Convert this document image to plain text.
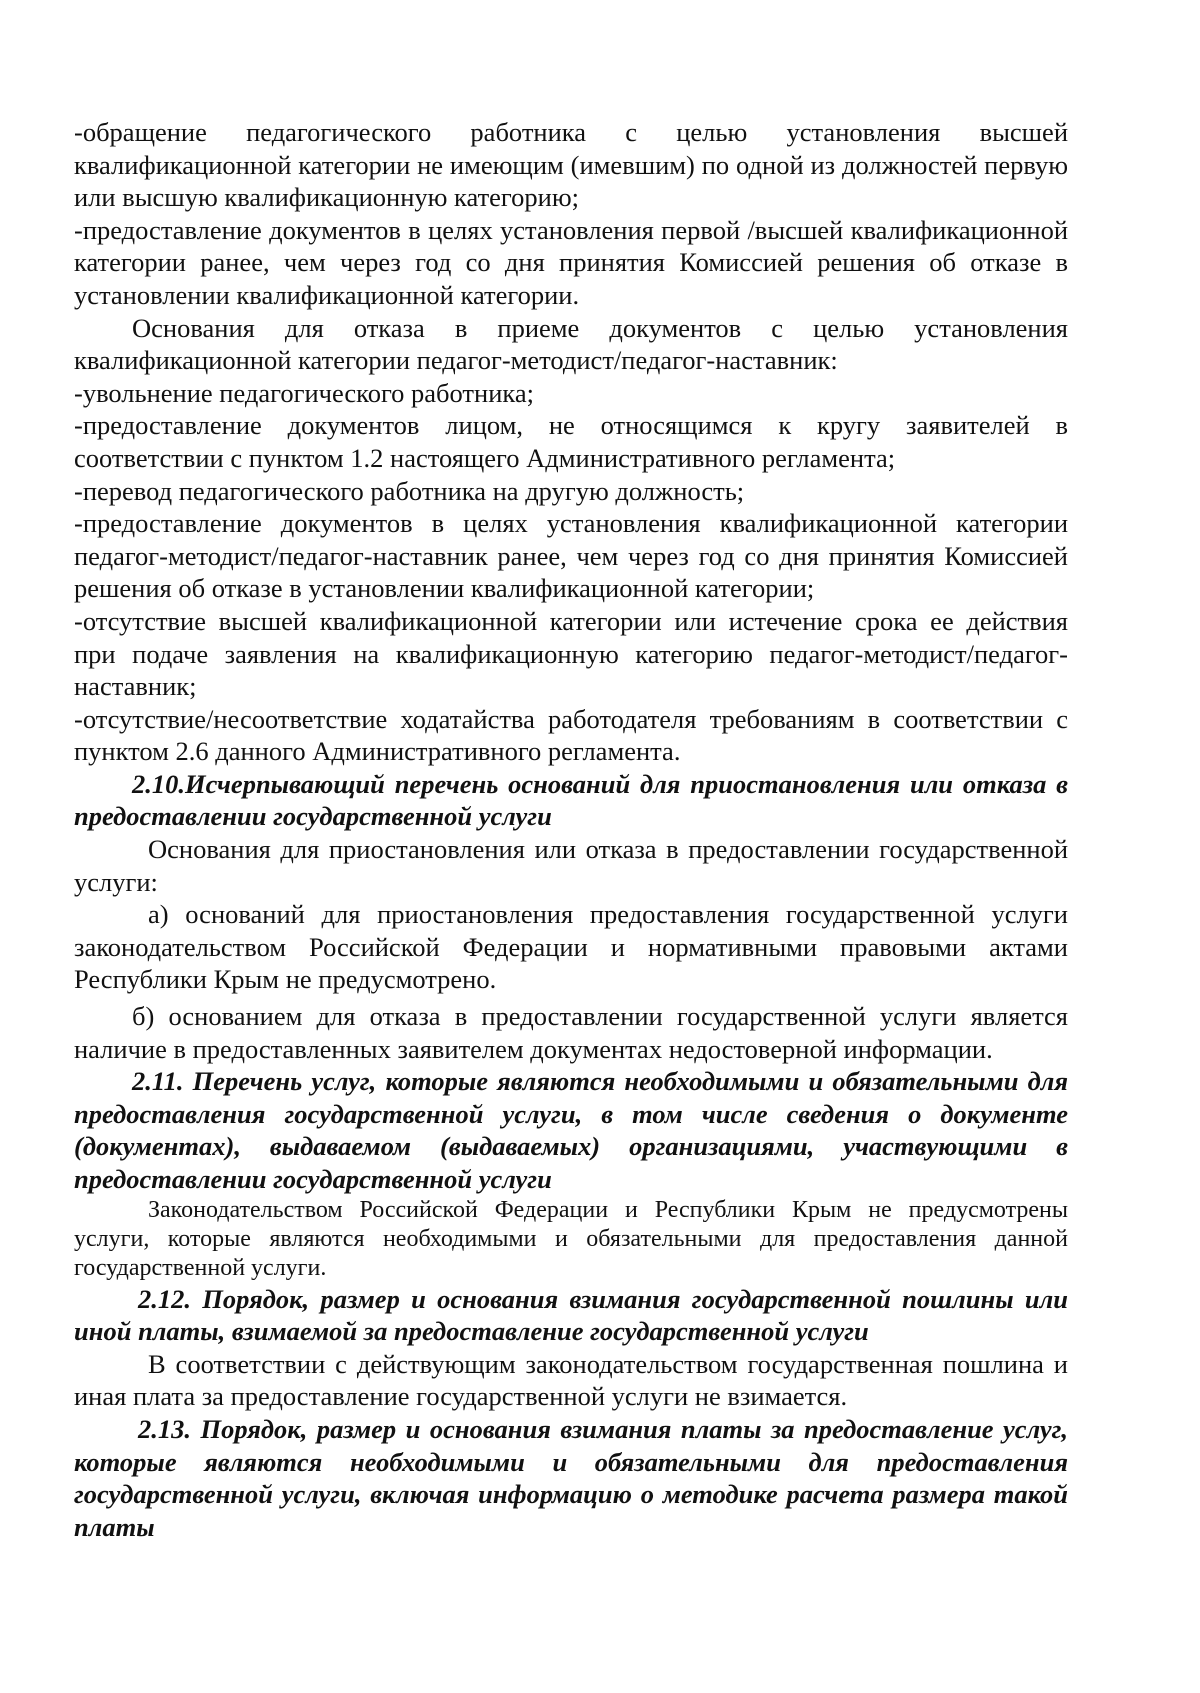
-обращение педагогического работника с целью установления высшей квалификационной категории не имеющим (имевшим) по одной из должностей первую или высшую квалификационную категорию;

-предоставление документов в целях установления первой /высшей квалификационной категории ранее, чем через год со дня принятия Комиссией решения об отказе в установлении квалификационной категории.

Основания для отказа в приеме документов с целью установления квалификационной категории педагог-методист/педагог-наставник:

-увольнение педагогического работника;

-предоставление документов лицом, не относящимся к кругу заявителей в соответствии с пунктом 1.2 настоящего Административного регламента;

-перевод педагогического работника на другую должность;

-предоставление документов в целях установления квалификационной категории педагог-методист/педагог-наставник ранее, чем через год со дня принятия Комиссией решения об отказе в установлении квалификационной категории;

-отсутствие высшей квалификационной категории или истечение срока ее действия при подаче заявления на квалификационную категорию педагог-методист/педагог-наставник;

-отсутствие/несоответствие ходатайства работодателя требованиям в соответствии с пунктом 2.6 данного Административного регламента.

2.10.Исчерпывающий перечень оснований для приостановления или отказа в предоставлении государственной услуги

Основания для приостановления или отказа в предоставлении государственной услуги:

а) оснований для приостановления предоставления государственной услуги законодательством Российской Федерации и нормативными правовыми актами Республики Крым не предусмотрено.

б) основанием для отказа в предоставлении государственной услуги является наличие в предоставленных заявителем документах недостоверной информации.

2.11. Перечень услуг, которые являются необходимыми и обязательными для предоставления государственной услуги, в том числе сведения о документе (документах), выдаваемом (выдаваемых) организациями, участвующими в предоставлении государственной услуги

Законодательством Российской Федерации и Республики Крым не предусмотрены услуги, которые являются необходимыми и обязательными для предоставления данной государственной услуги.

2.12. Порядок, размер и основания взимания государственной пошлины или иной платы, взимаемой за предоставление государственной услуги

В соответствии с действующим законодательством государственная пошлина и иная плата за предоставление государственной услуги не взимается.

2.13. Порядок, размер и основания взимания платы за предоставление услуг, которые являются необходимыми и обязательными для предоставления государственной услуги, включая информацию о методике расчета размера такой платы
